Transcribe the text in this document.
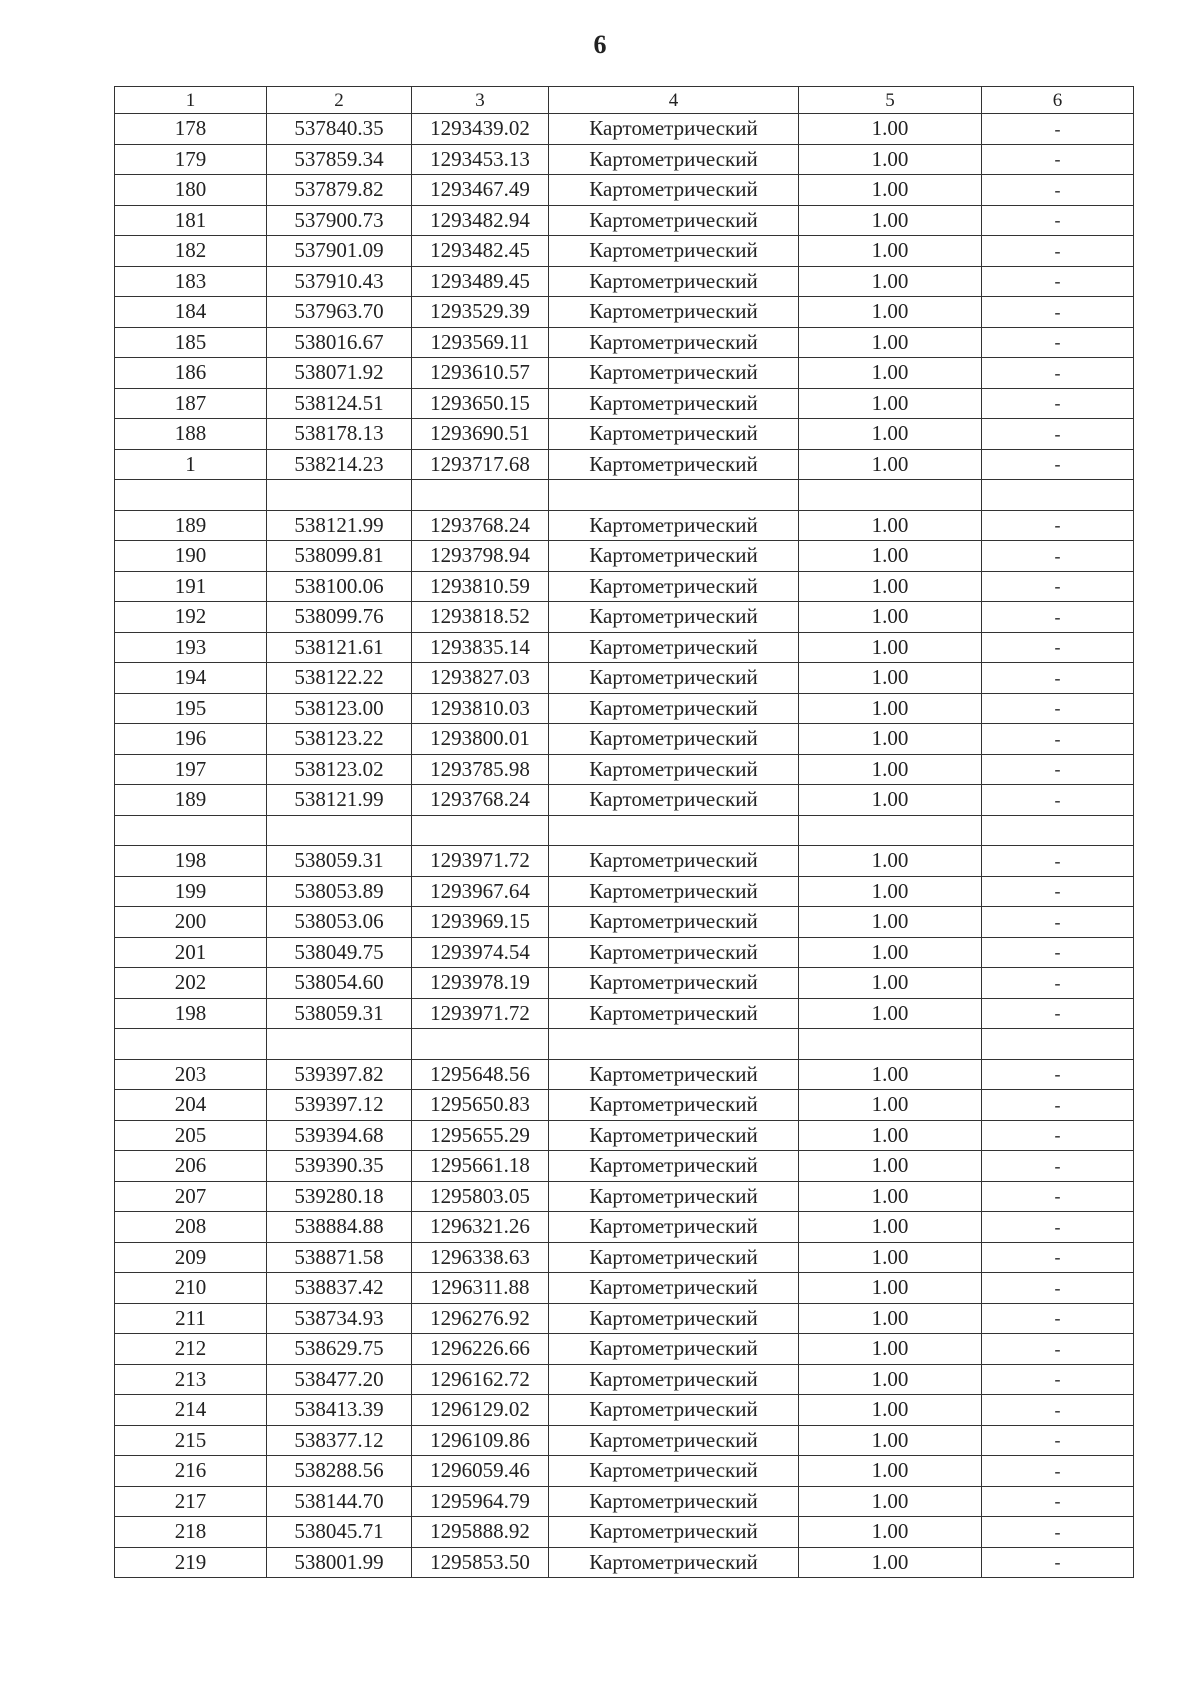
6
1	2	3	4	5	6
178	537840.35	1293439.02	Картометрический	1.00	-
179	537859.34	1293453.13	Картометрический	1.00	-
180	537879.82	1293467.49	Картометрический	1.00	-
181	537900.73	1293482.94	Картометрический	1.00	-
182	537901.09	1293482.45	Картометрический	1.00	-
183	537910.43	1293489.45	Картометрический	1.00	-
184	537963.70	1293529.39	Картометрический	1.00	-
185	538016.67	1293569.11	Картометрический	1.00	-
186	538071.92	1293610.57	Картометрический	1.00	-
187	538124.51	1293650.15	Картометрический	1.00	-
188	538178.13	1293690.51	Картометрический	1.00	-
1	538214.23	1293717.68	Картометрический	1.00	-

189	538121.99	1293768.24	Картометрический	1.00	-
190	538099.81	1293798.94	Картометрический	1.00	-
191	538100.06	1293810.59	Картометрический	1.00	-
192	538099.76	1293818.52	Картометрический	1.00	-
193	538121.61	1293835.14	Картометрический	1.00	-
194	538122.22	1293827.03	Картометрический	1.00	-
195	538123.00	1293810.03	Картометрический	1.00	-
196	538123.22	1293800.01	Картометрический	1.00	-
197	538123.02	1293785.98	Картометрический	1.00	-
189	538121.99	1293768.24	Картометрический	1.00	-

198	538059.31	1293971.72	Картометрический	1.00	-
199	538053.89	1293967.64	Картометрический	1.00	-
200	538053.06	1293969.15	Картометрический	1.00	-
201	538049.75	1293974.54	Картометрический	1.00	-
202	538054.60	1293978.19	Картометрический	1.00	-
198	538059.31	1293971.72	Картометрический	1.00	-

203	539397.82	1295648.56	Картометрический	1.00	-
204	539397.12	1295650.83	Картометрический	1.00	-
205	539394.68	1295655.29	Картометрический	1.00	-
206	539390.35	1295661.18	Картометрический	1.00	-
207	539280.18	1295803.05	Картометрический	1.00	-
208	538884.88	1296321.26	Картометрический	1.00	-
209	538871.58	1296338.63	Картометрический	1.00	-
210	538837.42	1296311.88	Картометрический	1.00	-
211	538734.93	1296276.92	Картометрический	1.00	-
212	538629.75	1296226.66	Картометрический	1.00	-
213	538477.20	1296162.72	Картометрический	1.00	-
214	538413.39	1296129.02	Картометрический	1.00	-
215	538377.12	1296109.86	Картометрический	1.00	-
216	538288.56	1296059.46	Картометрический	1.00	-
217	538144.70	1295964.79	Картометрический	1.00	-
218	538045.71	1295888.92	Картометрический	1.00	-
219	538001.99	1295853.50	Картометрический	1.00	-
